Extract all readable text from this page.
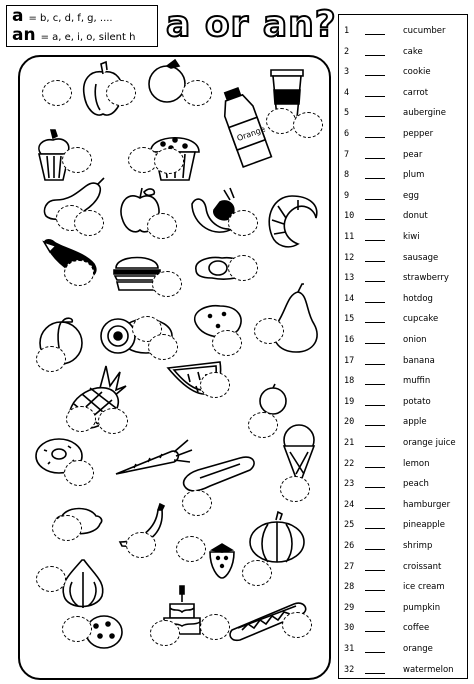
a = b, c, d, f, g, ....
an = a, e, i, o, silent h a or an?
Orange
1	cucumber
2	cake
3	cookie
4	carrot
5	aubergine
6	pepper
7	pear
8	plum
9	egg
10	donut
11	kiwi
12	sausage
13	strawberry
14	hotdog
15	cupcake
16	onion
17	banana
18	muffin
19	potato
20	apple
21	orange juice
22	lemon
23	peach
24	hamburger
25	pineapple
26	shrimp
27	croissant
28	ice cream
29	pumpkin
30	coffee
31	orange
32	watermelon
